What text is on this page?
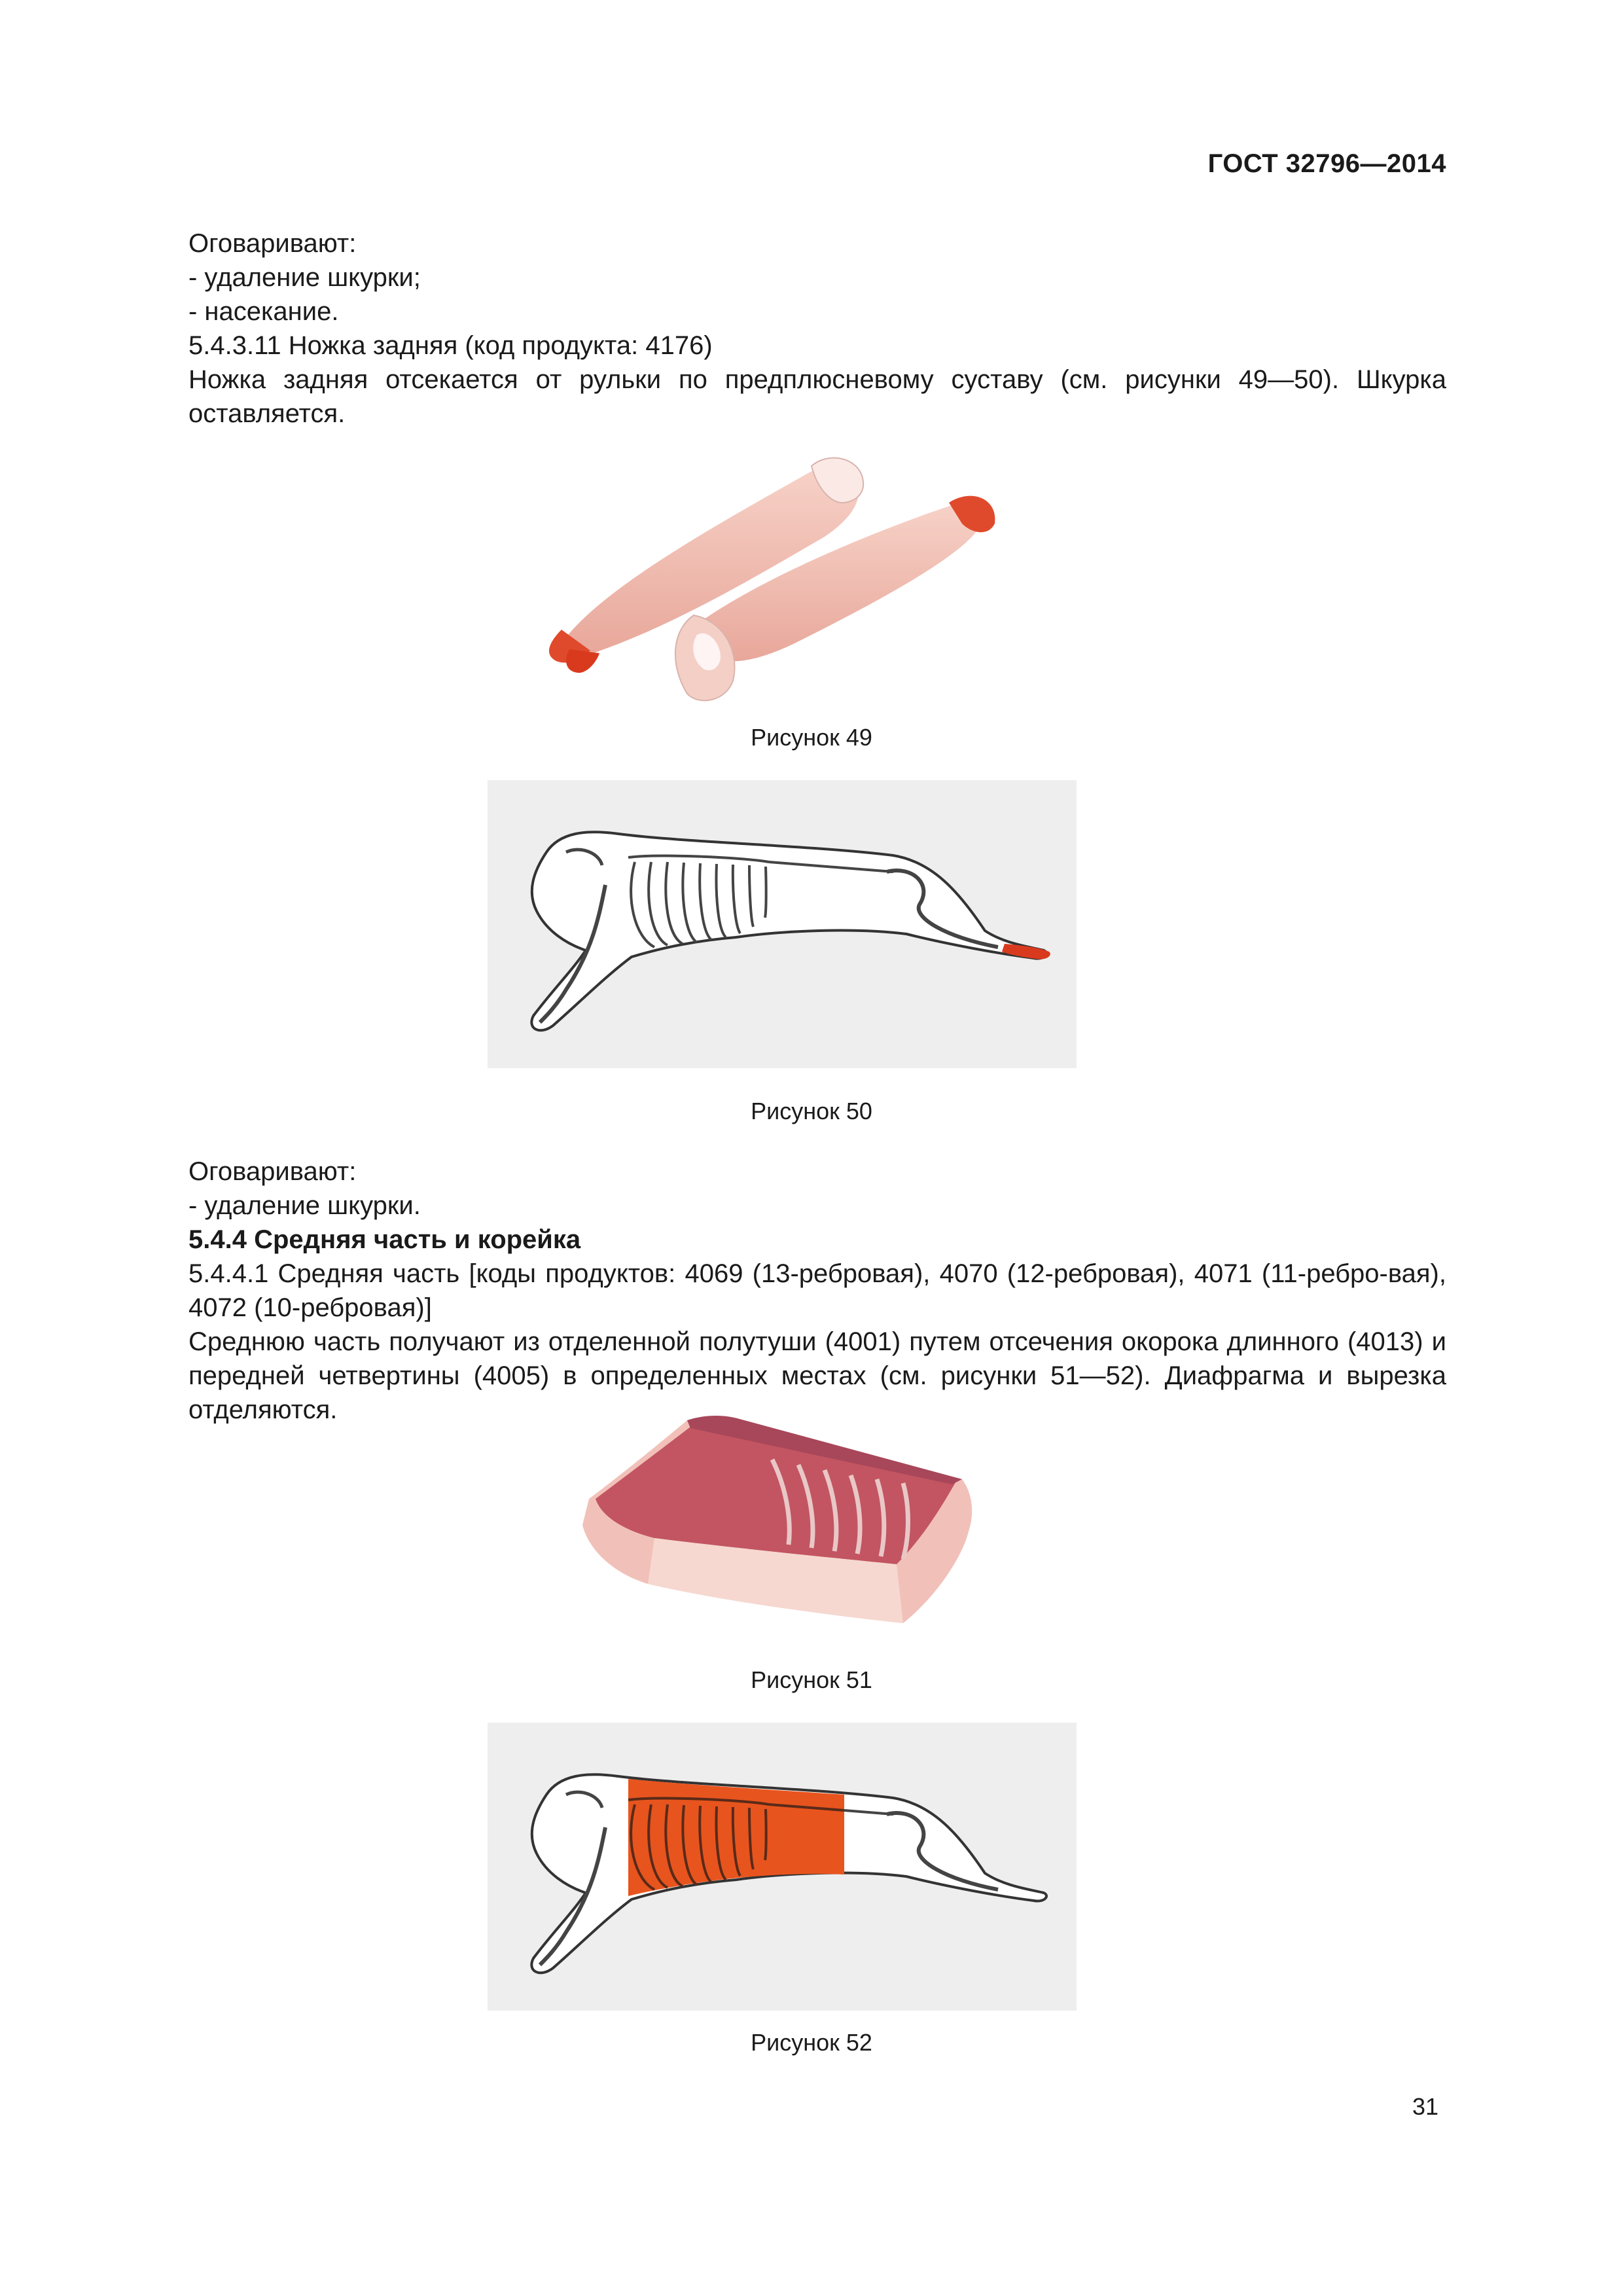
ГОСТ 32796—2014

Оговаривают:

- удаление шкурки;

- насекание.

5.4.3.11 Ножка задняя (код продукта: 4176)

Ножка задняя отсекается от рульки по предплюсневому суставу (см. рисунки 49—50). Шкурка оставляется.

Рисунок 49
Рисунок 50

Оговаривают:

- удаление шкурки.

5.4.4 Средняя часть и корейка

5.4.4.1 Средняя часть [коды продуктов: 4069 (13-ребровая), 4070 (12-ребровая), 4071 (11-ребро-вая), 4072 (10-ребровая)]

Среднюю часть получают из отделенной полутуши (4001) путем отсечения окорока длинного (4013) и передней четвертины (4005) в определенных местах (см. рисунки 51—52). Диафрагма и вырезка отделяются.

Рисунок 51
Рисунок 52
31
